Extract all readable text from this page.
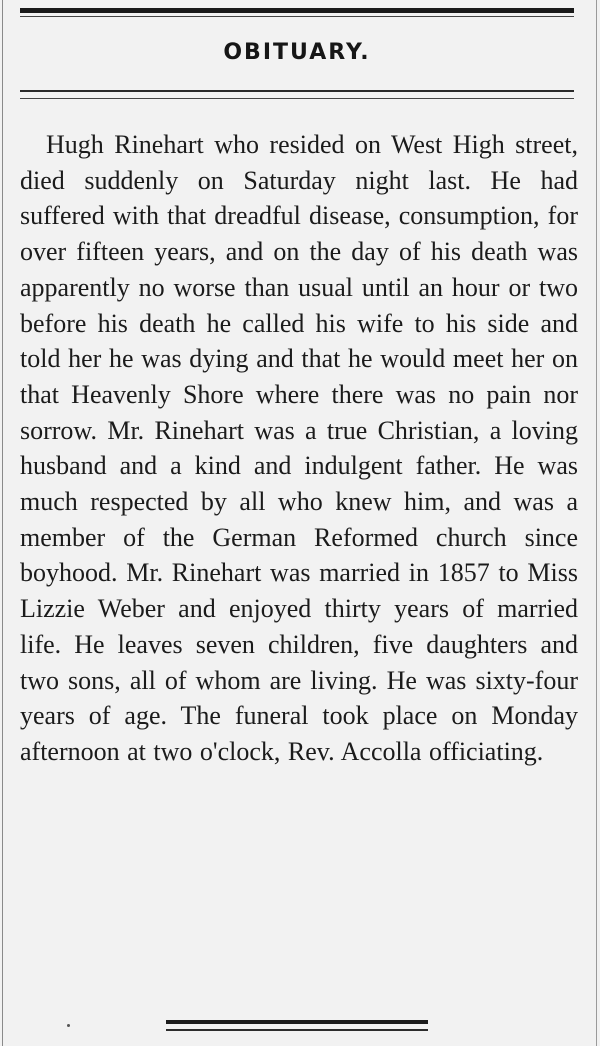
OBITUARY.
Hugh Rinehart who resided on West High street, died suddenly on Saturday night last. He had suffered with that dreadful disease, consumption, for over fifteen years, and on the day of his death was apparently no worse than usual until an hour or two before his death he called his wife to his side and told her he was dying and that he would meet her on that Heavenly Shore where there was no pain nor sorrow. Mr. Rinehart was a true Christian, a loving husband and a kind and indulgent father. He was much respected by all who knew him, and was a member of the German Reformed church since boyhood. Mr. Rinehart was married in 1857 to Miss Lizzie Weber and enjoyed thirty years of married life. He leaves seven children, five daughters and two sons, all of whom are living. He was sixty-four years of age. The funeral took place on Monday afternoon at two o'clock, Rev. Accolla officiating.
